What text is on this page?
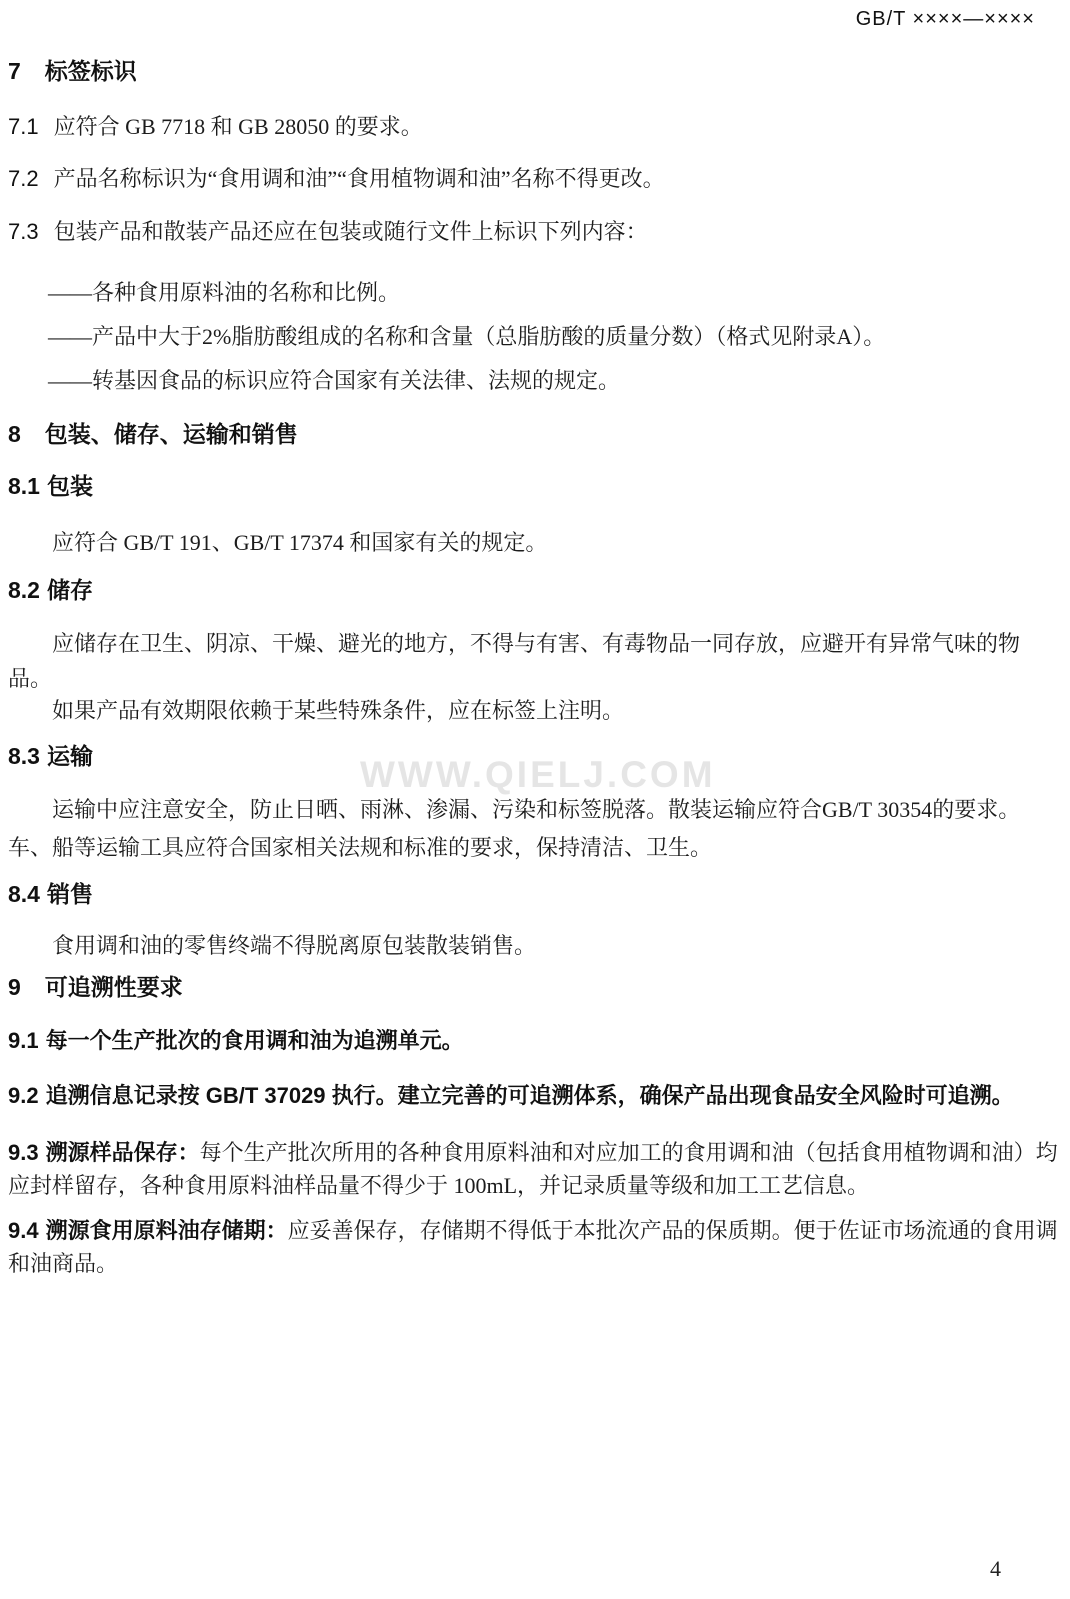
GB/T ××××—××××
WWW.QIELJ.COM
7 标签标识
7.1 应符合 GB 7718 和 GB 28050 的要求。
7.2 产品名称标识为“食用调和油”“食用植物调和油”名称不得更改。
7.3 包装产品和散装产品还应在包装或随行文件上标识下列内容：
——各种食用原料油的名称和比例。
——产品中大于2%脂肪酸组成的名称和含量（总脂肪酸的质量分数）（格式见附录A）。
——转基因食品的标识应符合国家有关法律、法规的规定。
8 包装、储存、运输和销售
8.1 包装

应符合 GB/T 191、GB/T 17374 和国家有关的规定。

8.2 储存

应储存在卫生、阴凉、干燥、避光的地方，不得与有害、有毒物品一同存放，应避开有异常气味的物品。

如果产品有效期限依赖于某些特殊条件，应在标签上注明。

8.3 运输

运输中应注意安全，防止日晒、雨淋、渗漏、污染和标签脱落。散装运输应符合GB/T 30354的要求。车、船等运输工具应符合国家相关法规和标准的要求，保持清洁、卫生。

8.4 销售

食用调和油的零售终端不得脱离原包装散装销售。

9 可追溯性要求
9.1 每一个生产批次的食用调和油为追溯单元。
9.2 追溯信息记录按 GB/T 37029 执行。建立完善的可追溯体系，确保产品出现食品安全风险时可追溯。

9.3 溯源样品保存：每个生产批次所用的各种食用原料油和对应加工的食用调和油（包括食用植物调和油）均应封样留存，各种食用原料油样品量不得少于 100mL，并记录质量等级和加工工艺信息。

9.4 溯源食用原料油存储期：应妥善保存，存储期不得低于本批次产品的保质期。便于佐证市场流通的食用调和油商品。

4
